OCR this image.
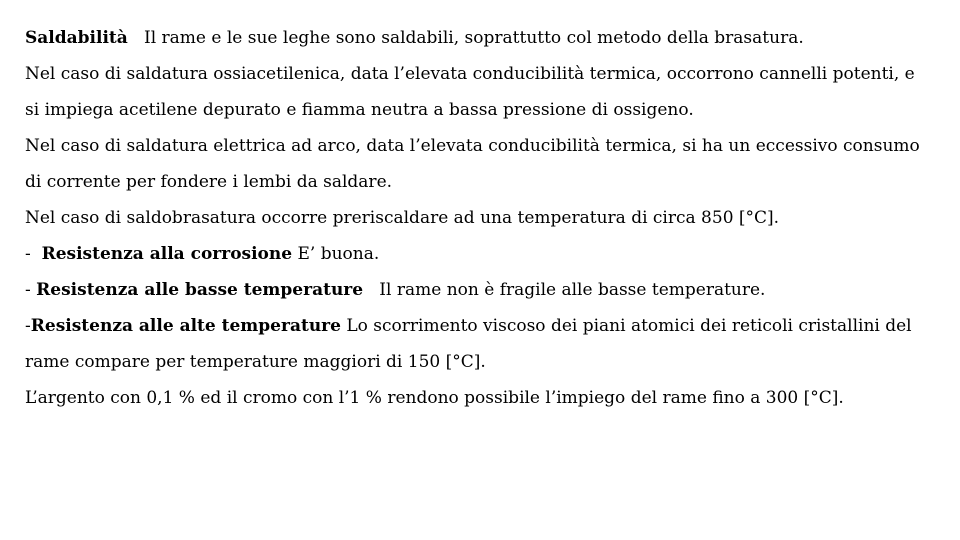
Saldabilità   Il rame e le sue leghe sono saldabili, soprattutto col metodo della brasatura.
Nel caso di saldatura ossiacetilenica, data l’elevata conducibilità termica, occorrono cannelli potenti, e
si impiega acetilene depurato e fiamma neutra a bassa pressione di ossigeno.
Nel caso di saldatura elettrica ad arco, data l’elevata conducibilità termica, si ha un eccessivo consumo
di corrente per fondere i lembi da saldare.
Nel caso di saldobrasatura occorre preriscaldare ad una temperatura di circa 850 [°C].
-  Resistenza alla corrosione E’ buona.
- Resistenza alle basse temperature   Il rame non è fragile alle basse temperature.
-Resistenza alle alte temperature Lo scorrimento viscoso dei piani atomici dei reticoli cristallini del
rame compare per temperature maggiori di 150 [°C].
L’argento con 0,1 % ed il cromo con l’1 % rendono possibile l’impiego del rame fino a 300 [°C].
